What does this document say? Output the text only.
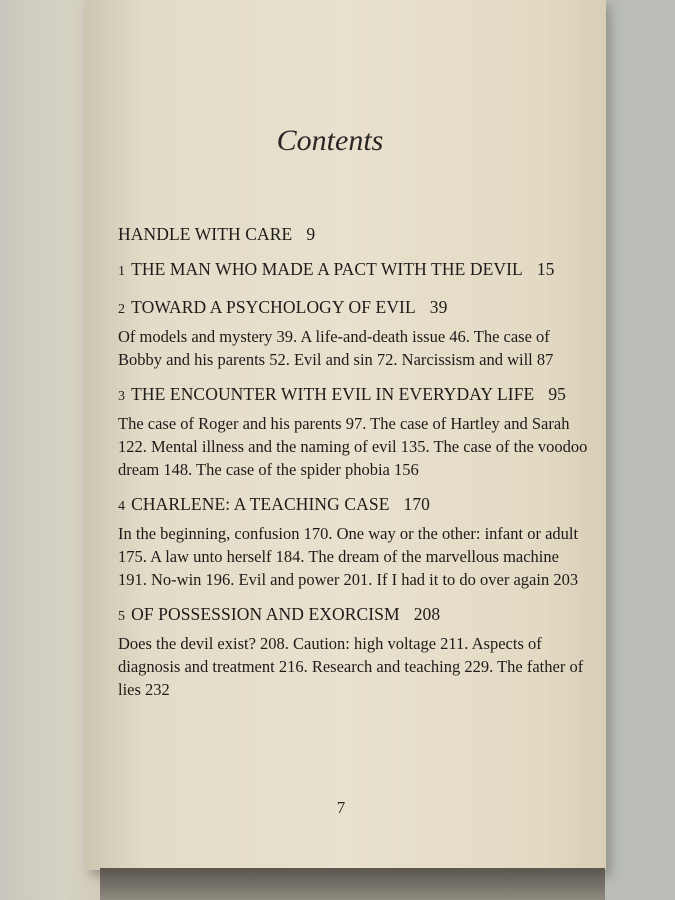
Contents
HANDLE WITH CARE 9
1 THE MAN WHO MADE A PACT WITH THE DEVIL 15
2 TOWARD A PSYCHOLOGY OF EVIL 39
Of models and mystery 39. A life-and-death issue 46. The case of Bobby and his parents 52. Evil and sin 72. Narcissism and will 87
3 THE ENCOUNTER WITH EVIL IN EVERYDAY LIFE 95
The case of Roger and his parents 97. The case of Hartley and Sarah 122. Mental illness and the naming of evil 135. The case of the voodoo dream 148. The case of the spider phobia 156
4 CHARLENE: A TEACHING CASE 170
In the beginning, confusion 170. One way or the other: infant or adult 175. A law unto herself 184. The dream of the marvellous machine 191. No-win 196. Evil and power 201. If I had it to do over again 203
5 OF POSSESSION AND EXORCISM 208
Does the devil exist? 208. Caution: high voltage 211. Aspects of diagnosis and treatment 216. Research and teaching 229. The father of lies 232
7
